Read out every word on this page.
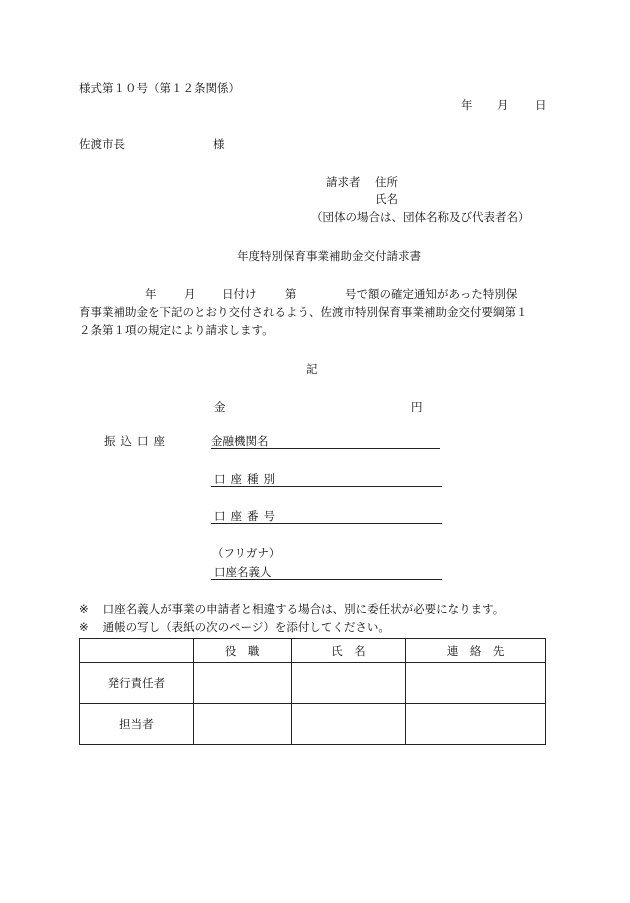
様式第１０号（第１２条関係）
年 月 日
佐渡市長	様
請求者 住所
氏名
（団体の場合は、団体名称及び代表者名）
年度特別保育事業補助金交付請求書
年 月 日付け 第	号で額の確定通知があった特別保
育事業補助金を下記のとおり交付されるよう、佐渡市特別保育事業補助金交付要綱第１
２条第１項の規定により請求します。
記
金	円
振込口座	金融機関名
口座種別
口座番号
（フリガナ）
口座名義人
※ 口座名義人が事業の申請者と相違する場合は、別に委任状が必要になります。
※ 通帳の写し（表紙の次のページ）を添付してください。
	役　職	氏　名	連　絡　先
発行責任者			
担当者			
